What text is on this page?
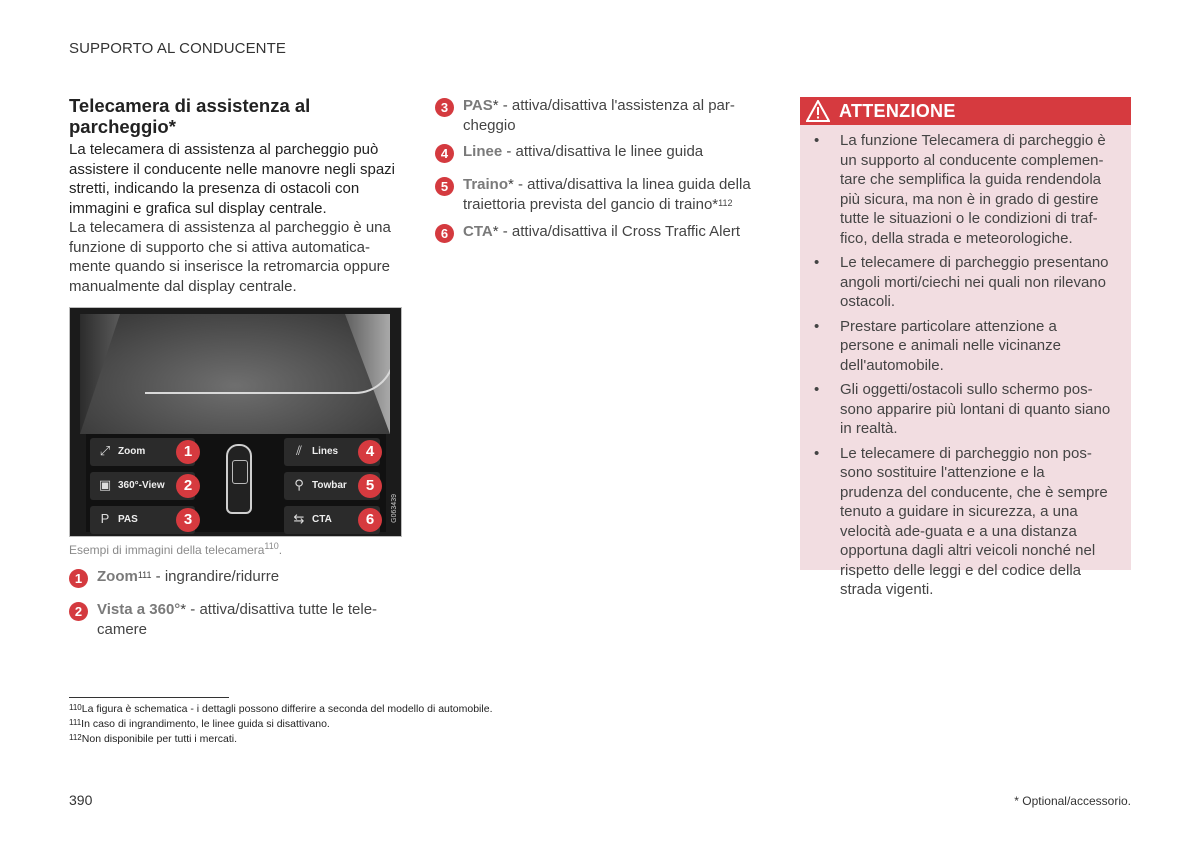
SUPPORTO AL CONDUCENTE
Telecamera di assistenza al
parcheggio*
La telecamera di assistenza al parcheggio può
assistere il conducente nelle manovre negli spazi
stretti, indicando la presenza di ostacoli con
immagini e grafica sul display centrale.
La telecamera di assistenza al parcheggio è una
funzione di supporto che si attiva automatica-
mente quando si inserisce la retromarcia oppure
manualmente dal display centrale.
⤢ Zoom	1
▣ 360°-View	2
P PAS	3
⫽	Lines	4
⚲ Towbar	5
⇆ CTA	6	G063439
Esempi di immagini della telecamera$^{110}$.
1 Zoom$^{111}$ - ingrandire/ridurre
2 Vista a 360°* - attiva/disattiva tutte le tele-
camere
3 PAS* - attiva/disattiva l'assistenza al par-
cheggio
4 Linee - attiva/disattiva le linee guida
5 Traino* - attiva/disattiva la linea guida della
traiettoria prevista del gancio di traino*$^{112}$
6 CTA* - attiva/disattiva il Cross Traffic Alert
ATTENZIONE
• La funzione Telecamera di parcheggio è un supporto al conducente complemen-tare che semplifica la guida rendendola più sicura, ma non è in grado di gestire tutte le situazioni o le condizioni di traf-fico, della strada e meteorologiche.
• Le telecamere di parcheggio presentano angoli morti/ciechi nei quali non rilevano ostacoli.
• Prestare particolare attenzione a persone e animali nelle vicinanze dell'automobile.
• Gli oggetti/ostacoli sullo schermo pos-sono apparire più lontani di quanto siano in realtà.
• Le telecamere di parcheggio non pos-sono sostituire l'attenzione e la prudenza del conducente, che è sempre tenuto a guidare in sicurezza, a una velocità ade-guata e a una distanza opportuna dagli altri veicoli nonché nel rispetto delle leggi e del codice della strada vigenti.
$^{110}$La figura è schematica - i dettagli possono differire a seconda del modello di automobile.
$^{111}$In caso di ingrandimento, le linee guida si disattivano.
$^{112}$Non disponibile per tutti i mercati.
390	* Optional/accessorio.
